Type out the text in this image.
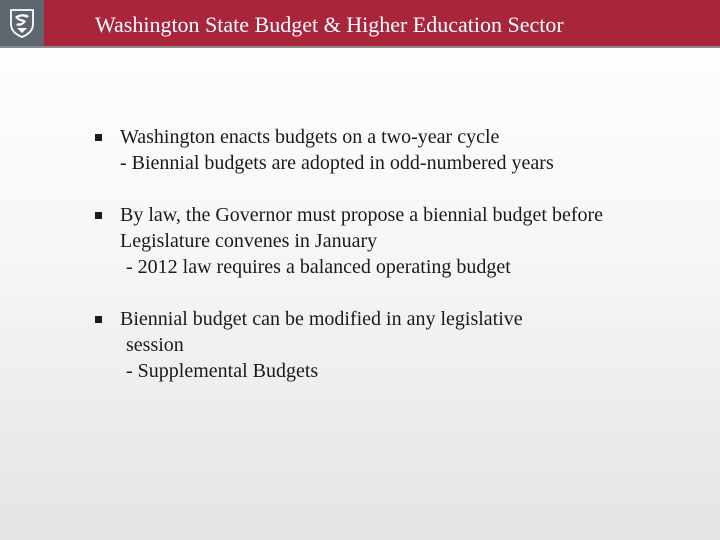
Washington State Budget & Higher Education Sector
Washington enacts budgets on a two-year cycle
- Biennial budgets are adopted in odd-numbered years
By law, the Governor must propose a biennial budget before
Legislature convenes in January
- 2012 law requires a balanced operating budget
Biennial budget can be modified in any legislative
session
- Supplemental Budgets
